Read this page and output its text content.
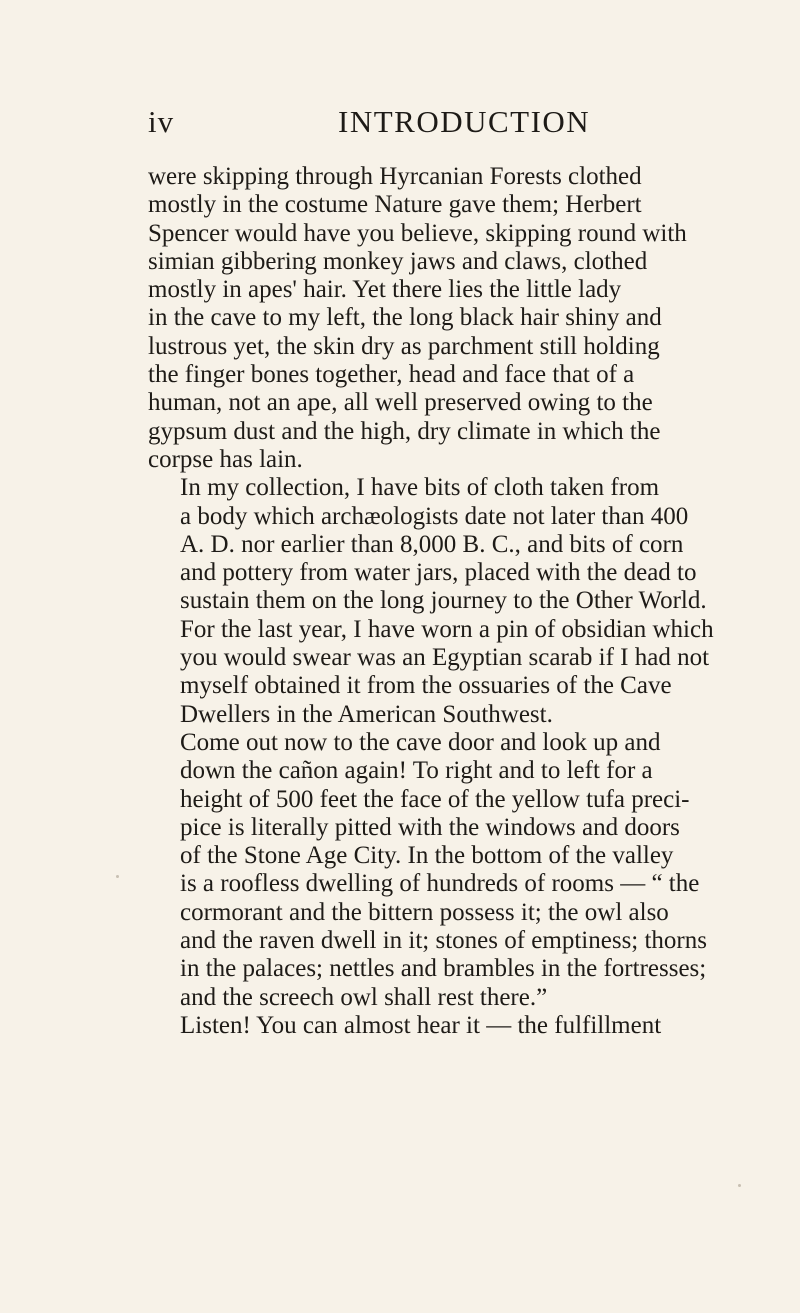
iv	INTRODUCTION

were skipping through Hyrcanian Forests clothed
mostly in the costume Nature gave them; Herbert
Spencer would have you believe, skipping round with
simian gibbering monkey jaws and claws, clothed
mostly in apes' hair. Yet there lies the little lady
in the cave to my left, the long black hair shiny and
lustrous yet, the skin dry as parchment still holding
the finger bones together, head and face that of a
human, not an ape, all well preserved owing to the
gypsum dust and the high, dry climate in which the
corpse has lain.

In my collection, I have bits of cloth taken from
a body which archæologists date not later than 400
A. D. nor earlier than 8,000 B. C., and bits of corn
and pottery from water jars, placed with the dead to
sustain them on the long journey to the Other World.
For the last year, I have worn a pin of obsidian which
you would swear was an Egyptian scarab if I had not
myself obtained it from the ossuaries of the Cave
Dwellers in the American Southwest.

Come out now to the cave door and look up and
down the cañon again! To right and to left for a
height of 500 feet the face of the yellow tufa preci-
pice is literally pitted with the windows and doors
of the Stone Age City. In the bottom of the valley
is a roofless dwelling of hundreds of rooms — “ the
cormorant and the bittern possess it; the owl also
and the raven dwell in it; stones of emptiness; thorns
in the palaces; nettles and brambles in the fortresses;
and the screech owl shall rest there.”

Listen! You can almost hear it — the fulfillment
